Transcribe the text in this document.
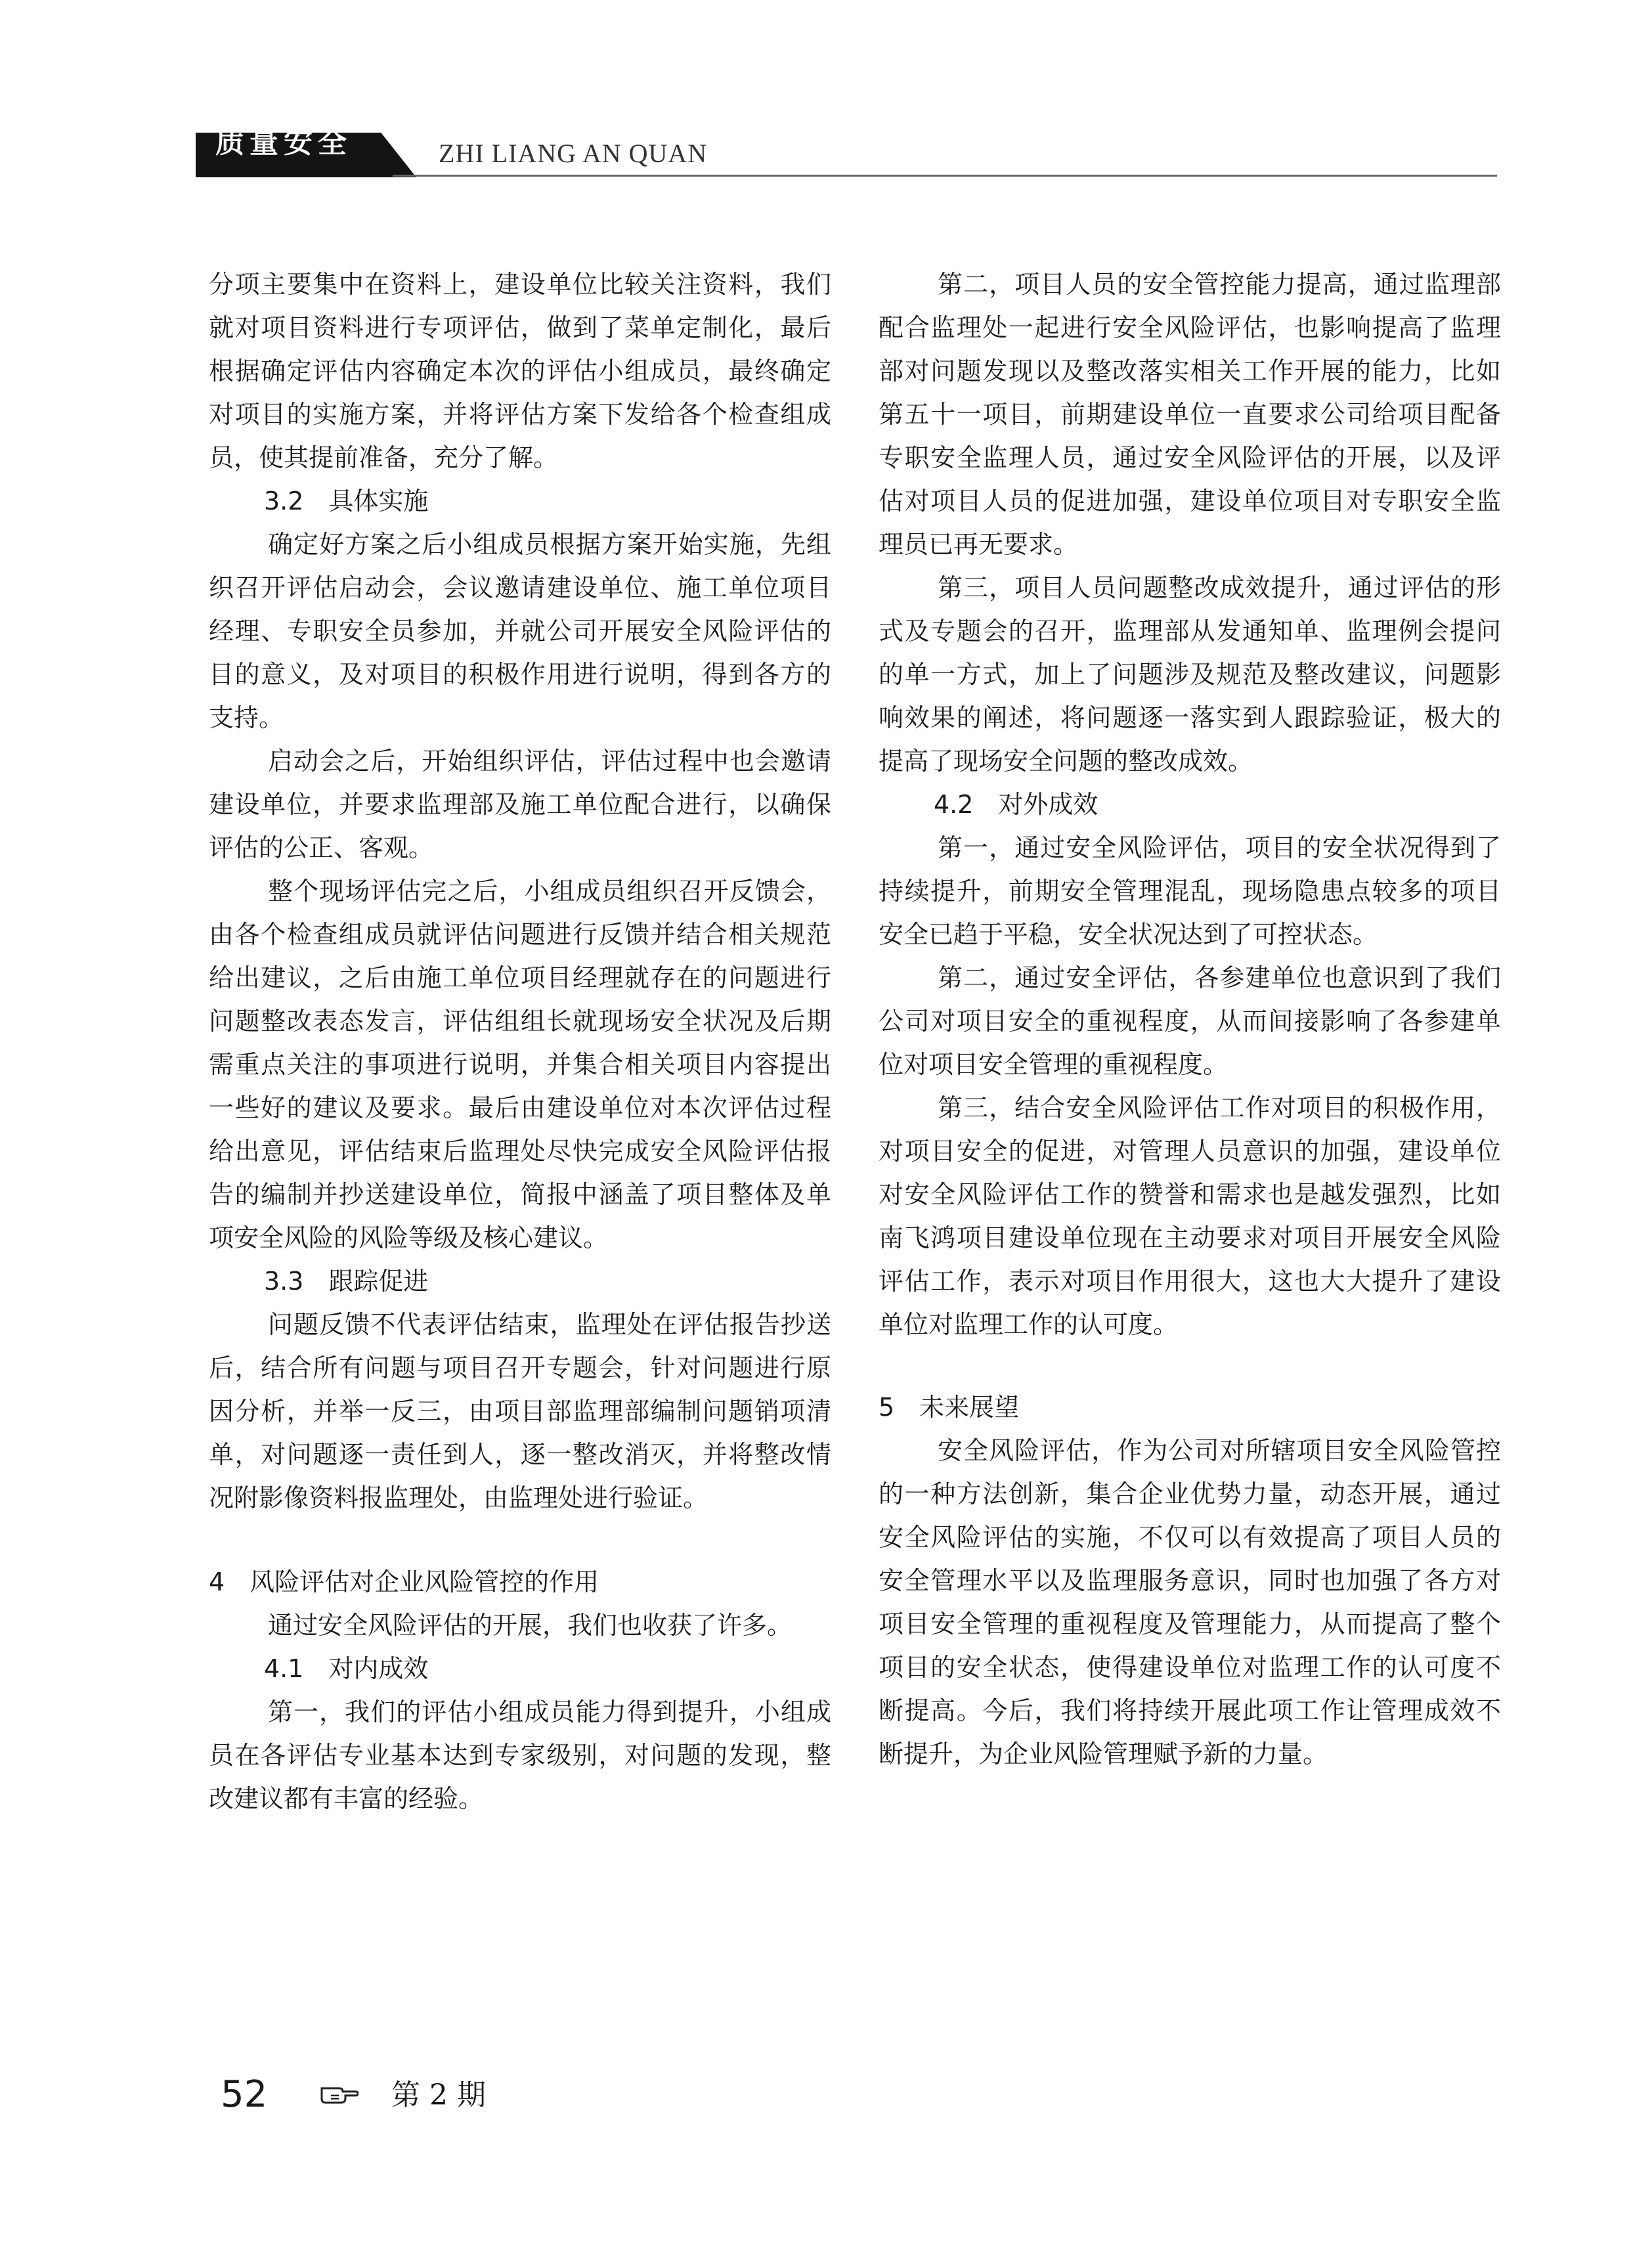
质量安全	ZHI LIANG AN QUAN

分项主要集中在资料上，建设单位比较关注资料，我们就对项目资料进行专项评估，做到了菜单定制化，最后根据确定评估内容确定本次的评估小组成员，最终确定对项目的实施方案，并将评估方案下发给各个检查组成员，使其提前准备，充分了解。

3.2　具体实施

确定好方案之后小组成员根据方案开始实施，先组织召开评估启动会，会议邀请建设单位、施工单位项目经理、专职安全员参加，并就公司开展安全风险评估的目的意义，及对项目的积极作用进行说明，得到各方的支持。

启动会之后，开始组织评估，评估过程中也会邀请建设单位，并要求监理部及施工单位配合进行，以确保评估的公正、客观。

整个现场评估完之后，小组成员组织召开反馈会，由各个检查组成员就评估问题进行反馈并结合相关规范给出建议，之后由施工单位项目经理就存在的问题进行问题整改表态发言，评估组组长就现场安全状况及后期需重点关注的事项进行说明，并集合相关项目内容提出一些好的建议及要求。最后由建设单位对本次评估过程给出意见，评估结束后监理处尽快完成安全风险评估报告的编制并抄送建设单位，简报中涵盖了项目整体及单项安全风险的风险等级及核心建议。

3.3　跟踪促进

问题反馈不代表评估结束，监理处在评估报告抄送后，结合所有问题与项目召开专题会，针对问题进行原因分析，并举一反三，由项目部监理部编制问题销项清单，对问题逐一责任到人，逐一整改消灭，并将整改情况附影像资料报监理处，由监理处进行验证。

4　风险评估对企业风险管控的作用

通过安全风险评估的开展，我们也收获了许多。

4.1　对内成效

第一，我们的评估小组成员能力得到提升，小组成员在各评估专业基本达到专家级别，对问题的发现，整改建议都有丰富的经验。

第二，项目人员的安全管控能力提高，通过监理部配合监理处一起进行安全风险评估，也影响提高了监理部对问题发现以及整改落实相关工作开展的能力，比如第五十一项目，前期建设单位一直要求公司给项目配备专职安全监理人员，通过安全风险评估的开展，以及评估对项目人员的促进加强，建设单位项目对专职安全监理员已再无要求。

第三，项目人员问题整改成效提升，通过评估的形式及专题会的召开，监理部从发通知单、监理例会提问的单一方式，加上了问题涉及规范及整改建议，问题影响效果的阐述，将问题逐一落实到人跟踪验证，极大的提高了现场安全问题的整改成效。

4.2　对外成效

第一，通过安全风险评估，项目的安全状况得到了持续提升，前期安全管理混乱，现场隐患点较多的项目安全已趋于平稳，安全状况达到了可控状态。

第二，通过安全评估，各参建单位也意识到了我们公司对项目安全的重视程度，从而间接影响了各参建单位对项目安全管理的重视程度。

第三，结合安全风险评估工作对项目的积极作用，对项目安全的促进，对管理人员意识的加强，建设单位对安全风险评估工作的赞誉和需求也是越发强烈，比如南飞鸿项目建设单位现在主动要求对项目开展安全风险评估工作，表示对项目作用很大，这也大大提升了建设单位对监理工作的认可度。

5　未来展望

安全风险评估，作为公司对所辖项目安全风险管控的一种方法创新，集合企业优势力量，动态开展，通过安全风险评估的实施，不仅可以有效提高了项目人员的安全管理水平以及监理服务意识，同时也加强了各方对项目安全管理的重视程度及管理能力，从而提高了整个项目的安全状态，使得建设单位对监理工作的认可度不断提高。今后，我们将持续开展此项工作让管理成效不断提升，为企业风险管理赋予新的力量。

52	第 2 期
